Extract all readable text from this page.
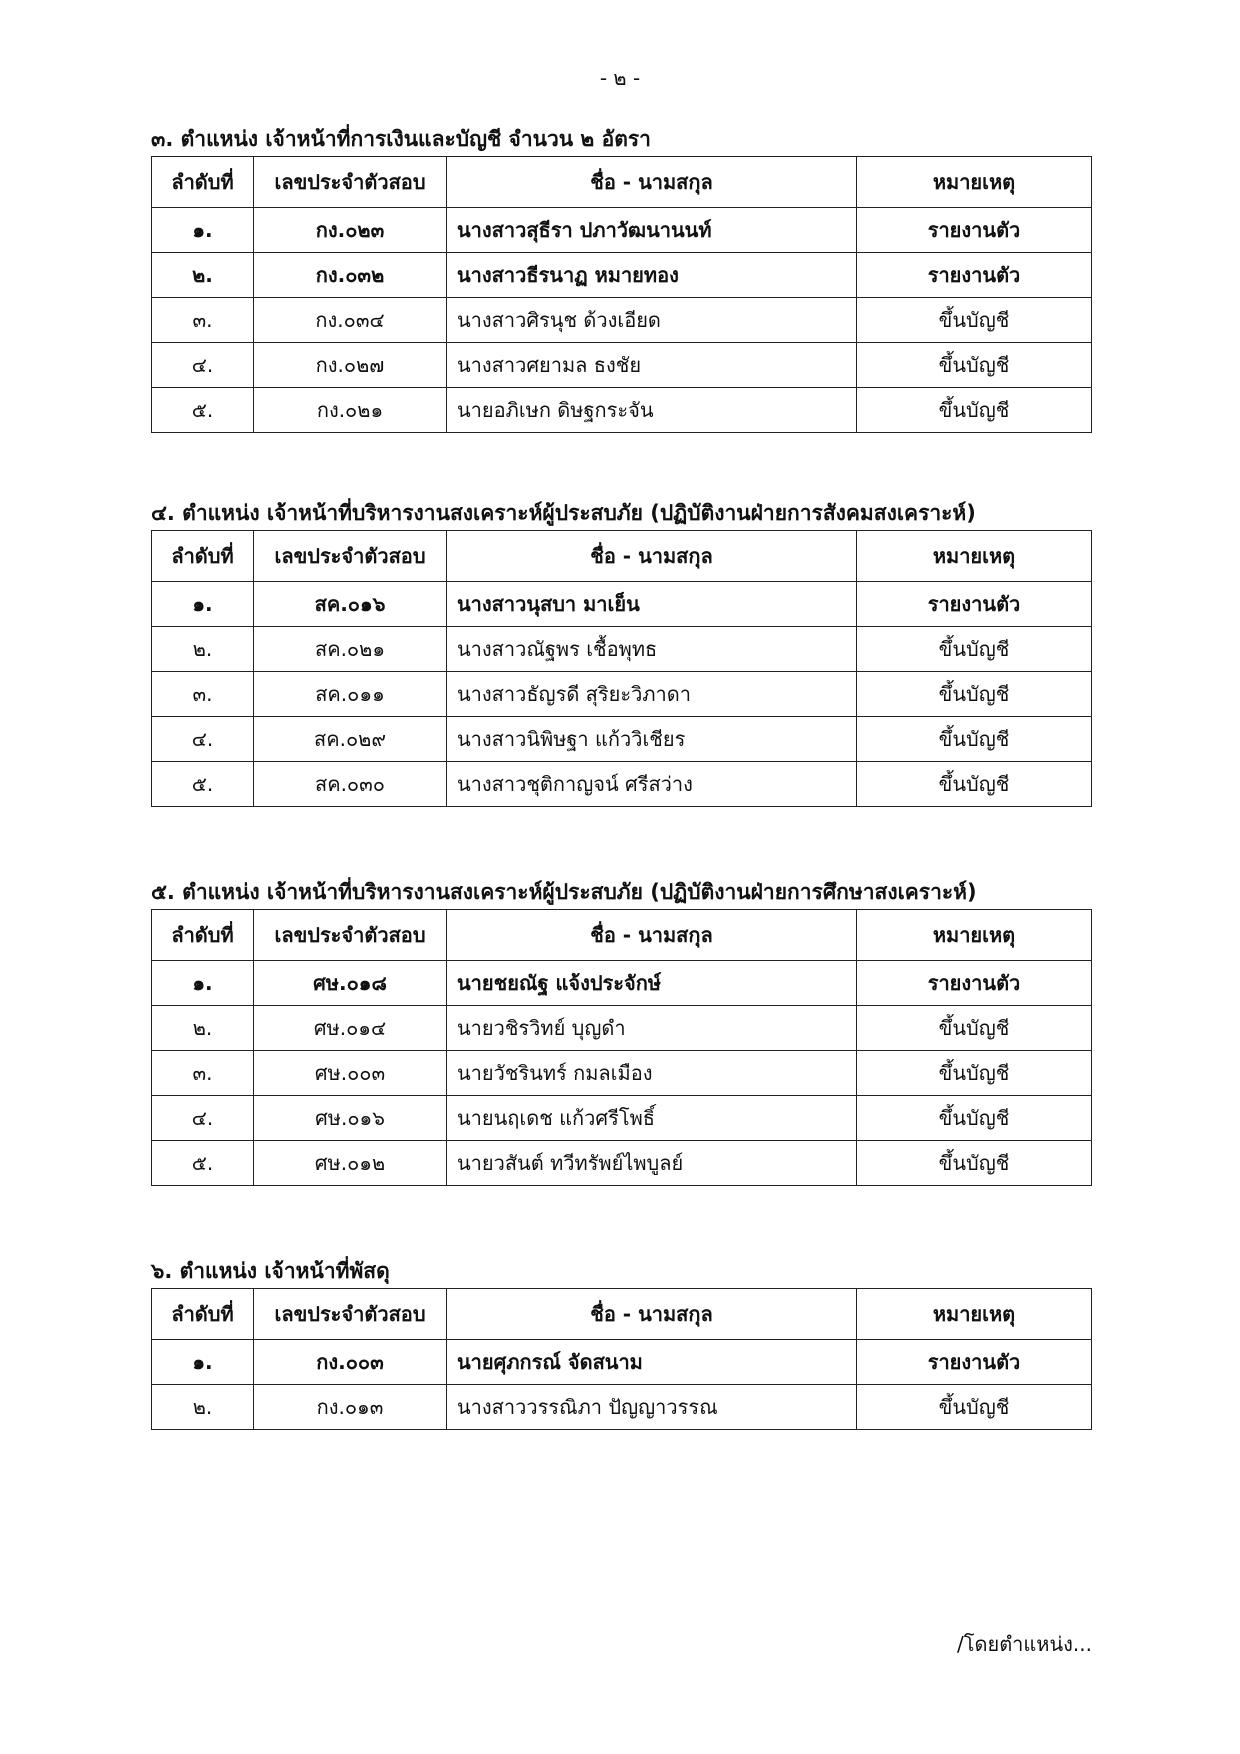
- ๒ -
๓. ตำแหน่ง เจ้าหน้าที่การเงินและบัญชี จำนวน ๒ อัตรา
ลำดับที่	เลขประจำตัวสอบ	ชื่อ - นามสกุล	หมายเหตุ
๑.	กง.๐๒๓	นางสาวสุธีรา ปภาวัฒนานนท์	รายงานตัว
๒.	กง.๐๓๒	นางสาวธีรนาฏ หมายทอง	รายงานตัว
๓.	กง.๐๓๔	นางสาวศิรนุช ด้วงเอียด	ขึ้นบัญชี
๔.	กง.๐๒๗	นางสาวศยามล ธงชัย	ขึ้นบัญชี
๕.	กง.๐๒๑	นายอภิเษก ดิษฐกระจัน	ขึ้นบัญชี
๔. ตำแหน่ง เจ้าหน้าที่บริหารงานสงเคราะห์ผู้ประสบภัย (ปฏิบัติงานฝ่ายการสังคมสงเคราะห์)
ลำดับที่	เลขประจำตัวสอบ	ชื่อ - นามสกุล	หมายเหตุ
๑.	สค.๐๑๖	นางสาวนุสบา มาเย็น	รายงานตัว
๒.	สค.๐๒๑	นางสาวณัฐพร เชื้อพุทธ	ขึ้นบัญชี
๓.	สค.๐๑๑	นางสาวธัญรดี สุริยะวิภาดา	ขึ้นบัญชี
๔.	สค.๐๒๙	นางสาวนิพิษฐา แก้ววิเชียร	ขึ้นบัญชี
๕.	สค.๐๓๐	นางสาวชุติกาญจน์ ศรีสว่าง	ขึ้นบัญชี
๕. ตำแหน่ง เจ้าหน้าที่บริหารงานสงเคราะห์ผู้ประสบภัย (ปฏิบัติงานฝ่ายการศึกษาสงเคราะห์)
ลำดับที่	เลขประจำตัวสอบ	ชื่อ - นามสกุล	หมายเหตุ
๑.	ศษ.๐๑๘	นายชยณัฐ แจ้งประจักษ์	รายงานตัว
๒.	ศษ.๐๑๔	นายวชิรวิทย์ บุญดำ	ขึ้นบัญชี
๓.	ศษ.๐๐๓	นายวัชรินทร์ กมลเมือง	ขึ้นบัญชี
๔.	ศษ.๐๑๖	นายนฤเดช แก้วศรีโพธิ์	ขึ้นบัญชี
๕.	ศษ.๐๑๒	นายวสันต์ ทวีทรัพย์ไพบูลย์	ขึ้นบัญชี
๖. ตำแหน่ง เจ้าหน้าที่พัสดุ
ลำดับที่	เลขประจำตัวสอบ	ชื่อ - นามสกุล	หมายเหตุ
๑.	กง.๐๐๓	นายศุภกรณ์ จัดสนาม	รายงานตัว
๒.	กง.๐๑๓	นางสาววรรณิภา ปัญญาวรรณ	ขึ้นบัญชี
/โดยตำแหน่ง...
